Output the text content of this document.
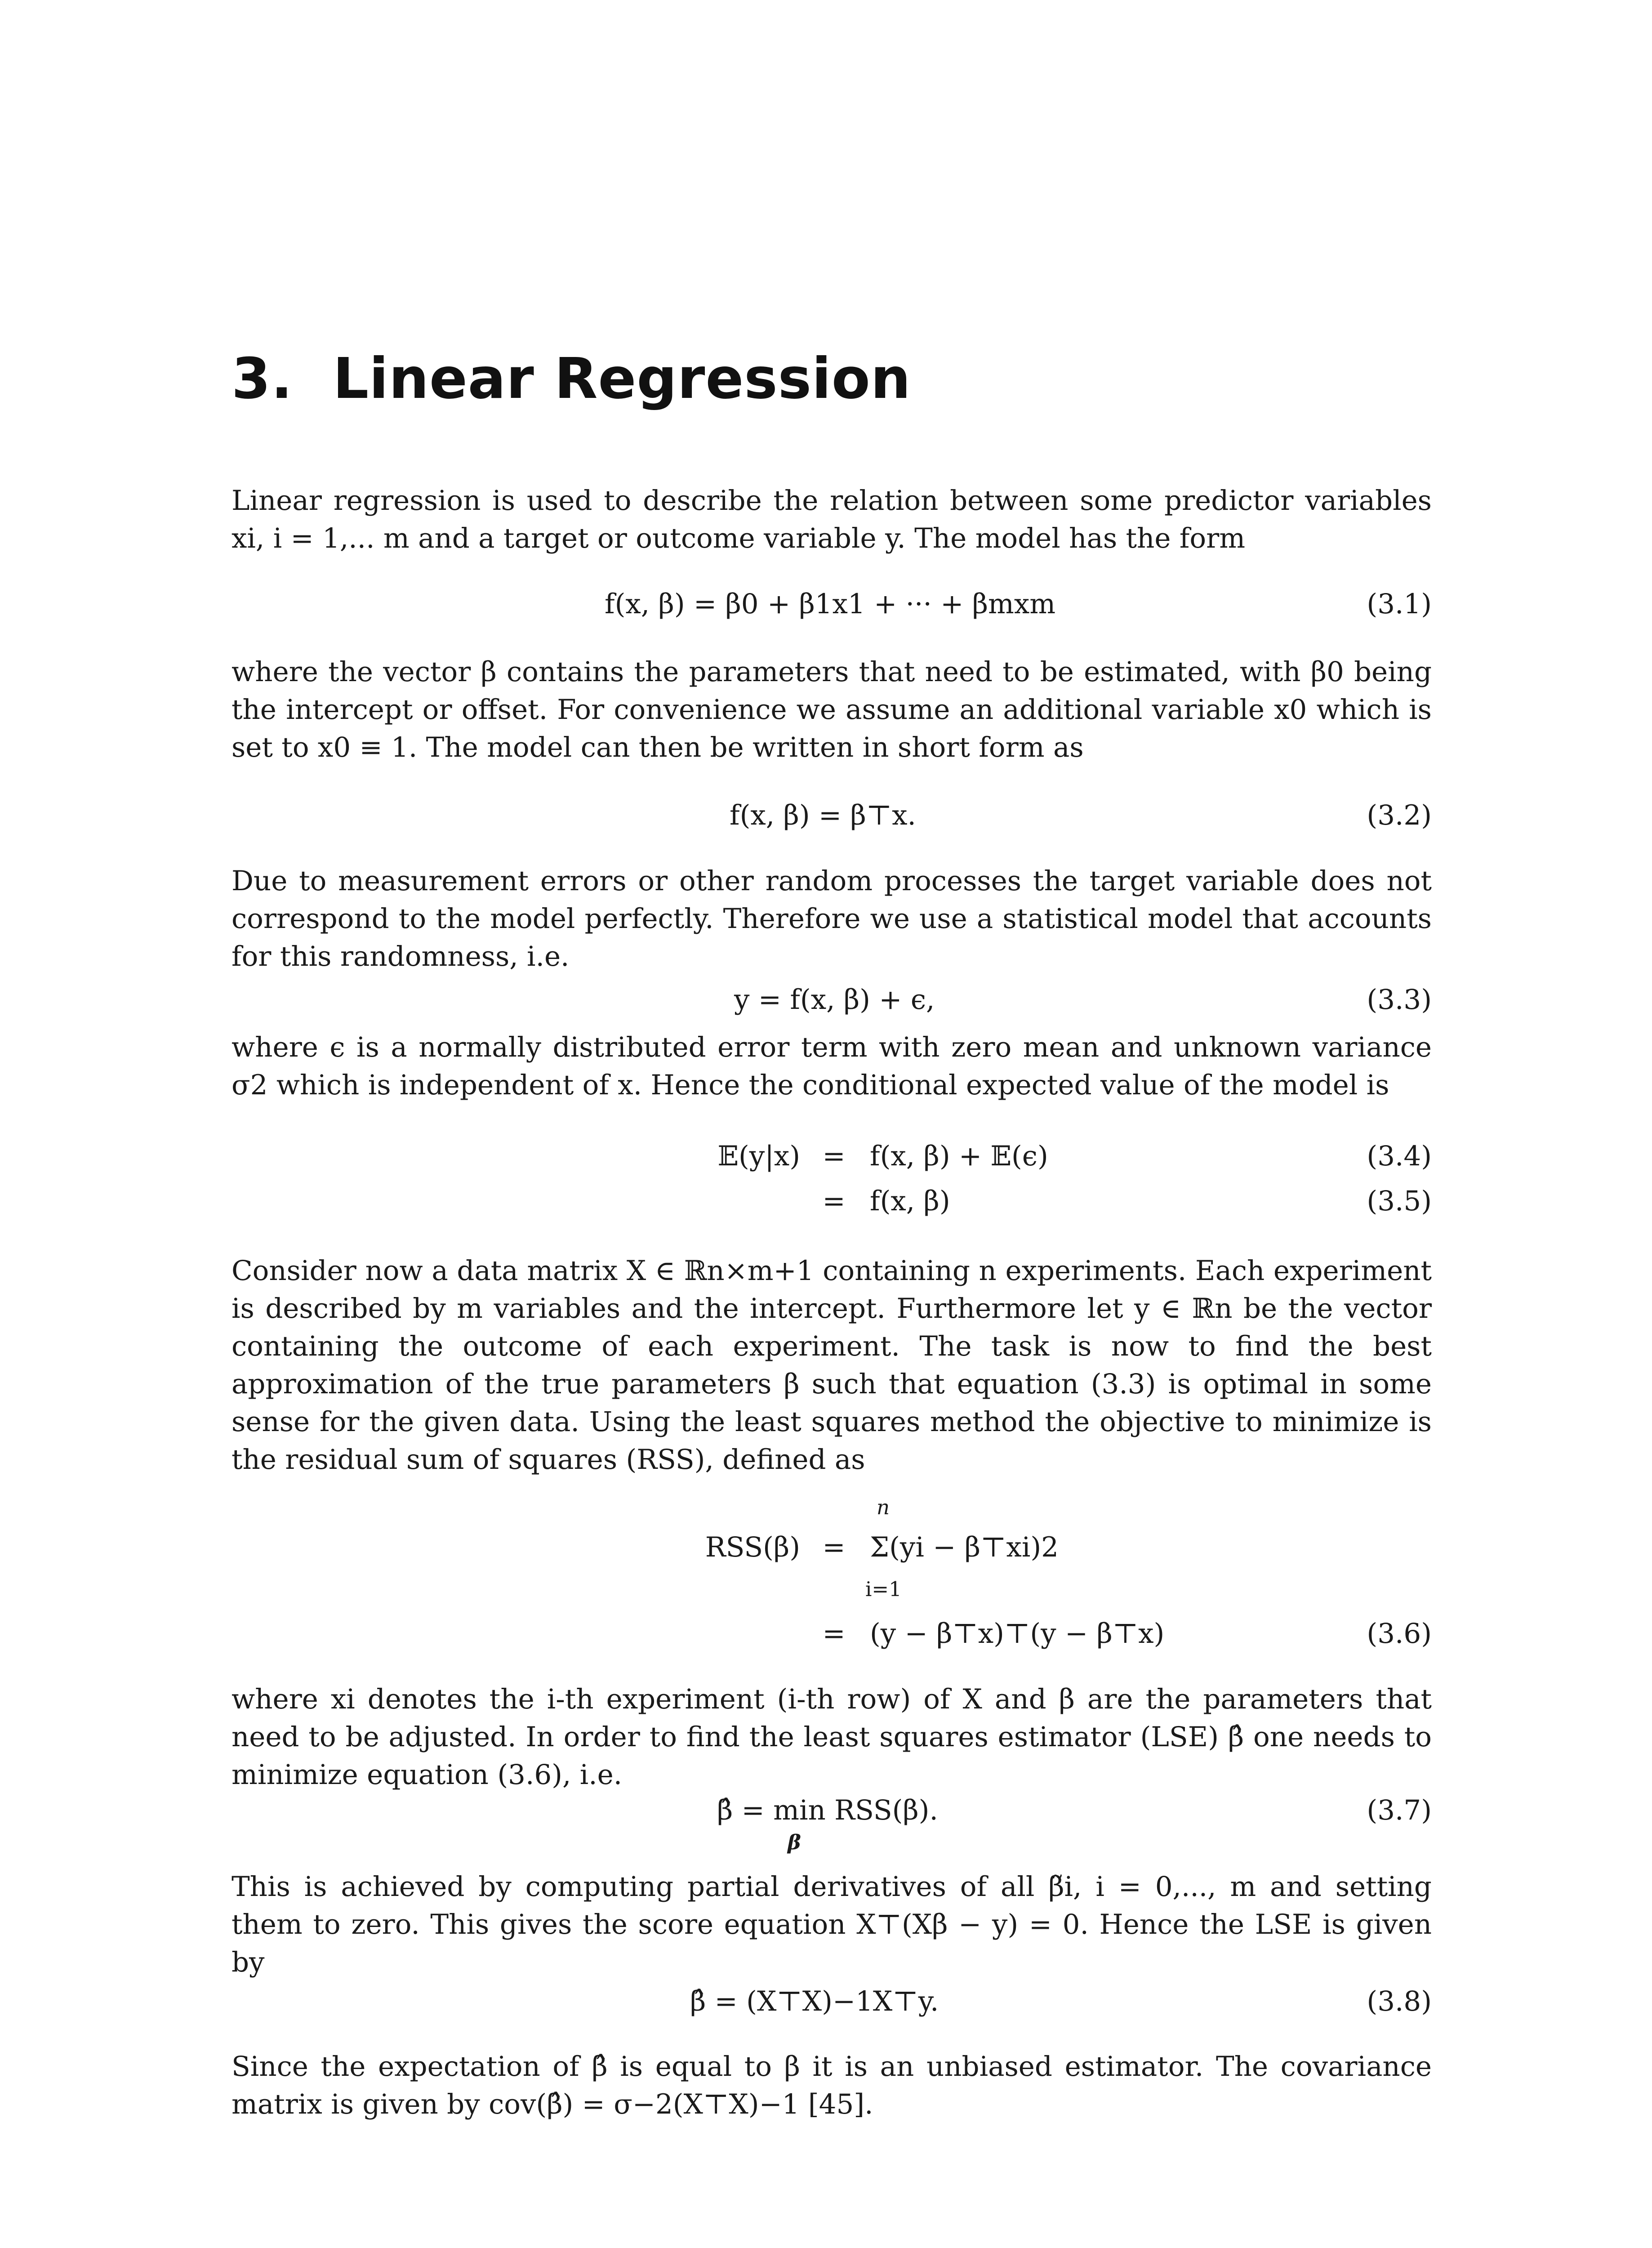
3. Linear Regression

Linear regression is used to describe the relation between some predictor variables xi, i = 1,... m and a target or outcome variable y. The model has the form

f(x, β) = β0 + β1x1 + ··· + βmxm	(3.1)

where the vector β contains the parameters that need to be estimated, with β0 being the intercept or offset. For convenience we assume an additional variable x0 which is set to x0 ≡ 1. The model can then be written in short form as

f(x, β) = β⊤x.	(3.2)

Due to measurement errors or other random processes the target variable does not correspond to the model perfectly. Therefore we use a statistical model that accounts for this randomness, i.e.

y = f(x, β) + ϵ,	(3.3)

where ϵ is a normally distributed error term with zero mean and unknown variance σ2 which is independent of x. Hence the conditional expected value of the model is

𝔼(y|x) = f(x, β) + 𝔼(ϵ)	(3.4)
= f(x, β)	(3.5)

Consider now a data matrix X ∈ ℝn×m+1 containing n experiments. Each experiment is described by m variables and the intercept. Furthermore let y ∈ ℝn be the vector containing the outcome of each experiment. The task is now to find the best approximation of the true parameters β such that equation (3.3) is optimal in some sense for the given data. Using the least squares method the objective to minimize is the residual sum of squares (RSS), defined as

RSS(β) = Σ(yi − β⊤xi)2
n
i=1
= (y − β⊤x)⊤(y − β⊤x)	(3.6)

where xi denotes the i-th experiment (i-th row) of X and β are the parameters that need to be adjusted. In order to find the least squares estimator (LSE) β̂ one needs to minimize equation (3.6), i.e.

β̂ = min RSS(β).	(3.7)
β

This is achieved by computing partial derivatives of all β̃i, i = 0,..., m and setting them to zero. This gives the score equation X⊤(Xβ − y) = 0. Hence the LSE is given by

β̂ = (X⊤X)−1X⊤y.	(3.8)

Since the expectation of β̂ is equal to β it is an unbiased estimator. The covariance matrix is given by cov(β̂) = σ−2(X⊤X)−1 [45].
